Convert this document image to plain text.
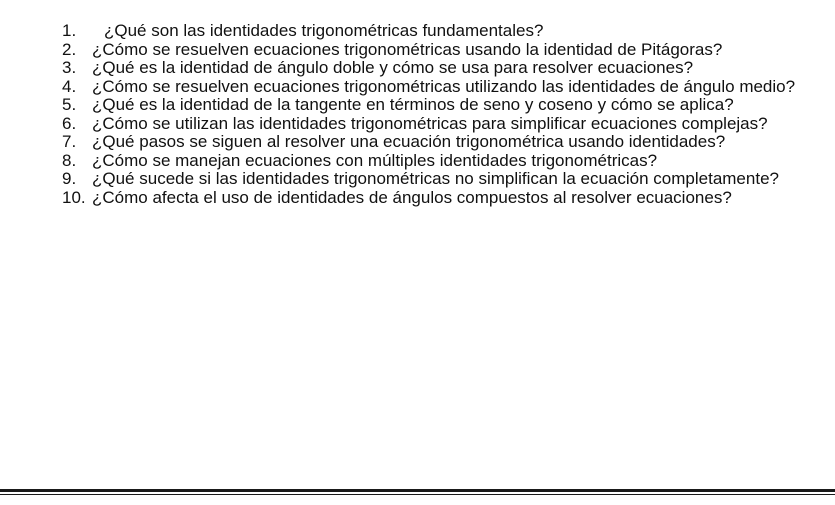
1.	¿Qué son las identidades trigonométricas fundamentales?
2. ¿Cómo se resuelven ecuaciones trigonométricas usando la identidad de Pitágoras?
3. ¿Qué es la identidad de ángulo doble y cómo se usa para resolver ecuaciones?
4. ¿Cómo se resuelven ecuaciones trigonométricas utilizando las identidades de ángulo medio?
5. ¿Qué es la identidad de la tangente en términos de seno y coseno y cómo se aplica?
6. ¿Cómo se utilizan las identidades trigonométricas para simplificar ecuaciones complejas?
7. ¿Qué pasos se siguen al resolver una ecuación trigonométrica usando identidades?
8. ¿Cómo se manejan ecuaciones con múltiples identidades trigonométricas?
9. ¿Qué sucede si las identidades trigonométricas no simplifican la ecuación completamente?
10. ¿Cómo afecta el uso de identidades de ángulos compuestos al resolver ecuaciones?
